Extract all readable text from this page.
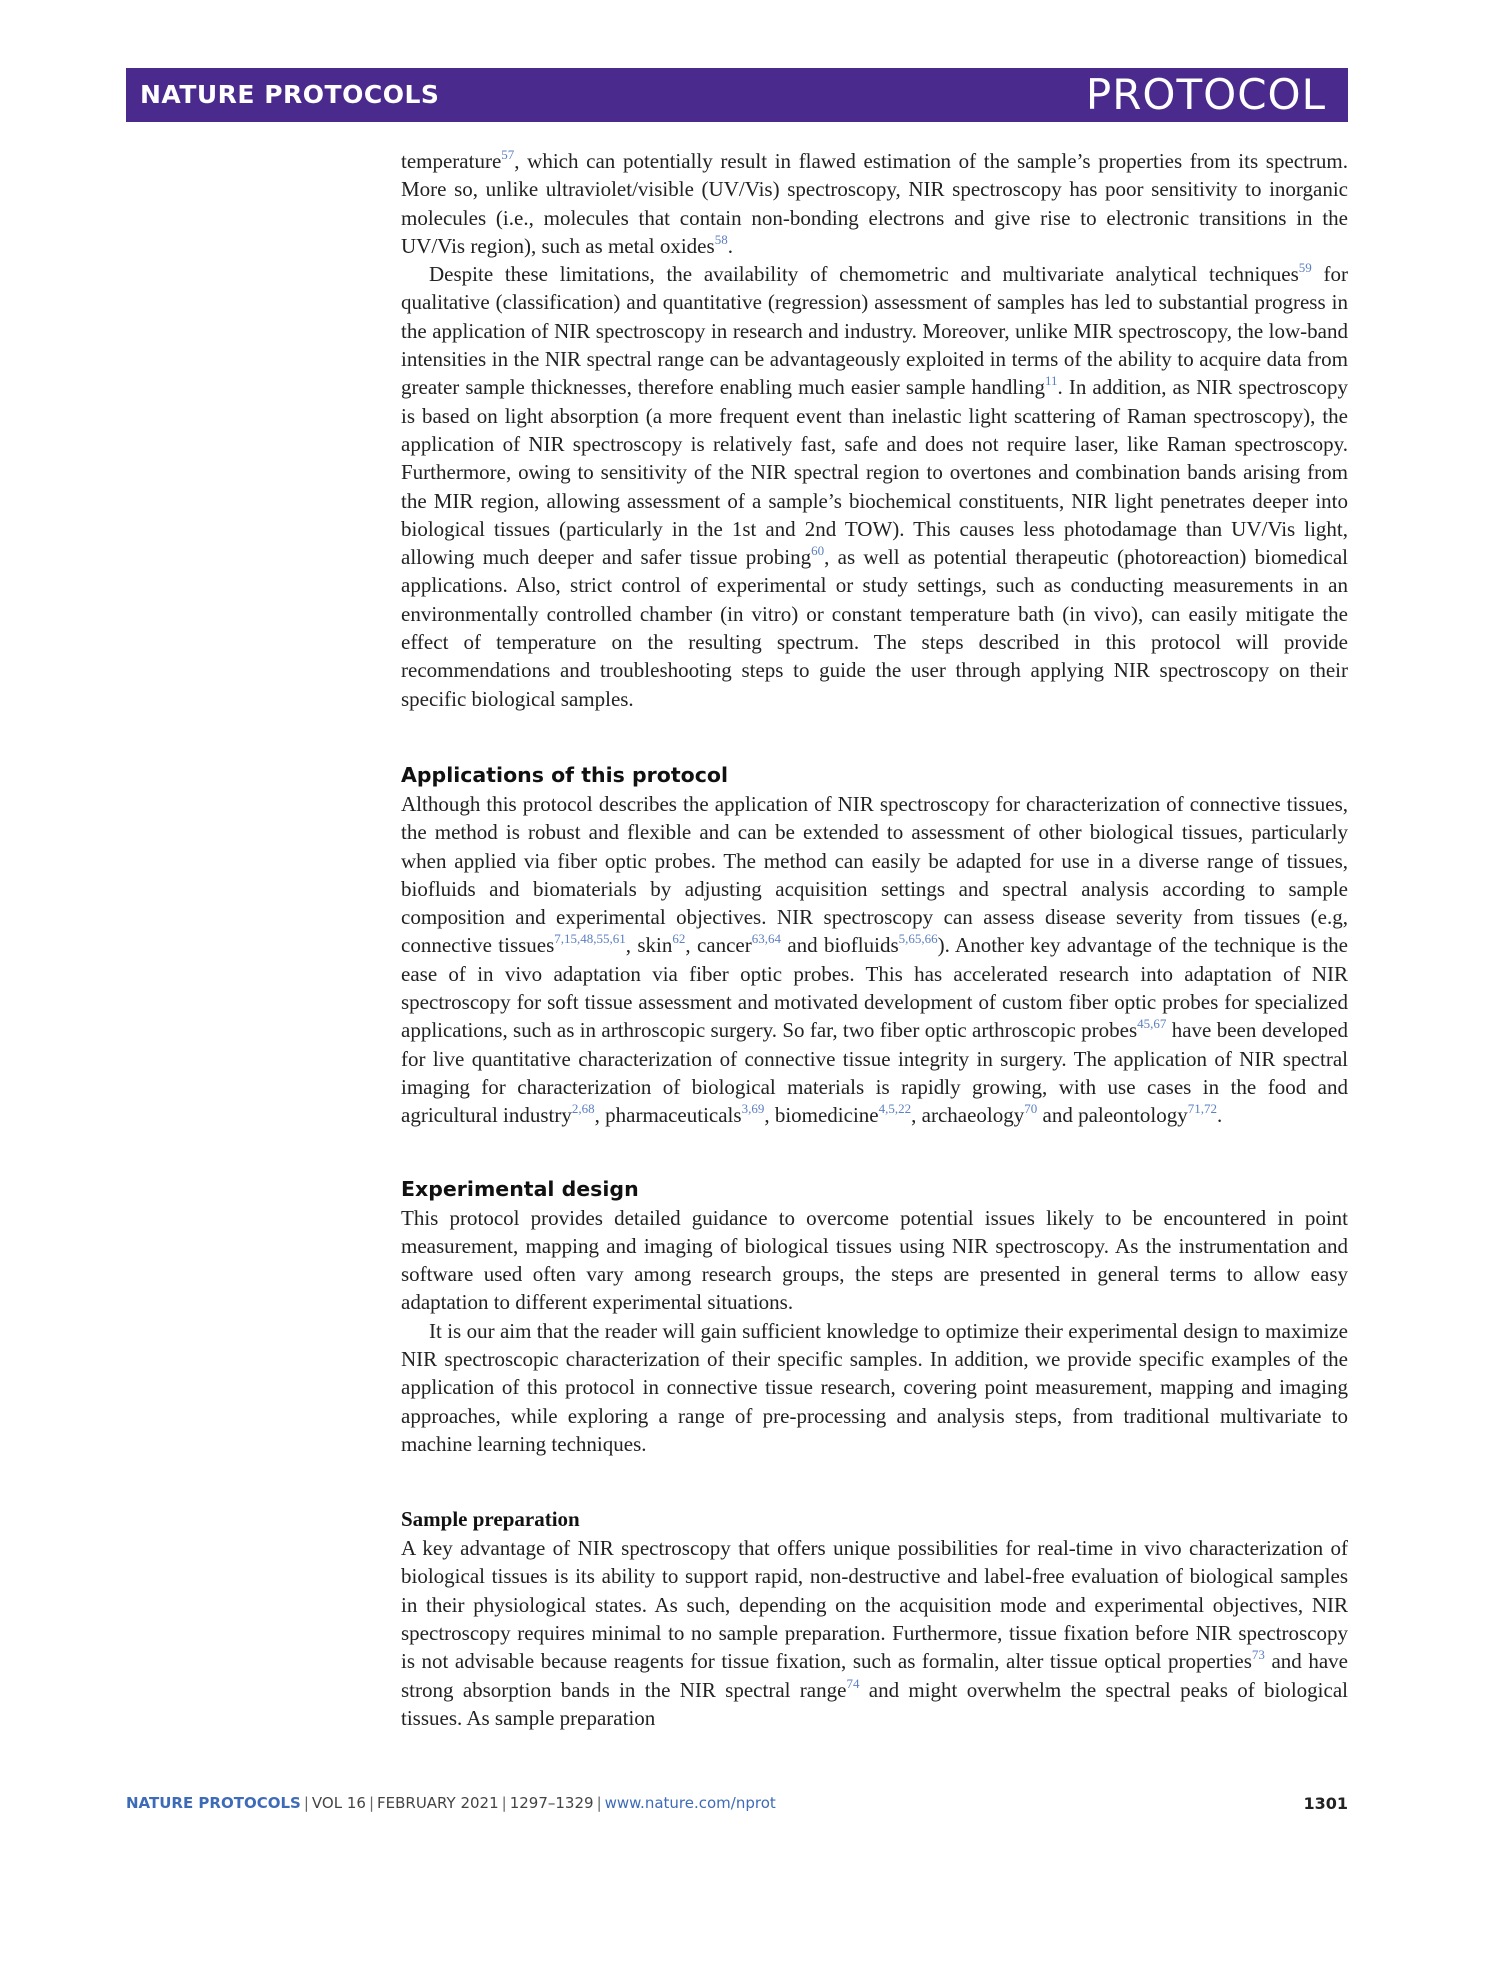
NATURE PROTOCOLS	PROTOCOL

temperature$^{57}$, which can potentially result in flawed estimation of the sample’s properties from its spectrum. More so, unlike ultraviolet/visible (UV/Vis) spectroscopy, NIR spectroscopy has poor sensitivity to inorganic molecules (i.e., molecules that contain non-bonding electrons and give rise to electronic transitions in the UV/Vis region), such as metal oxides$^{58}$.

Despite these limitations, the availability of chemometric and multivariate analytical techniques$^{59}$ for qualitative (classification) and quantitative (regression) assessment of samples has led to substantial progress in the application of NIR spectroscopy in research and industry. Moreover, unlike MIR spectroscopy, the low-band intensities in the NIR spectral range can be advantageously exploited in terms of the ability to acquire data from greater sample thicknesses, therefore enabling much easier sample handling$^{11}$. In addition, as NIR spectroscopy is based on light absorption (a more frequent event than inelastic light scattering of Raman spectroscopy), the application of NIR spectroscopy is relatively fast, safe and does not require laser, like Raman spectroscopy. Furthermore, owing to sensitivity of the NIR spectral region to overtones and combination bands arising from the MIR region, allowing assessment of a sample’s biochemical constituents, NIR light penetrates deeper into biological tissues (particularly in the 1st and 2nd TOW). This causes less photodamage than UV/Vis light, allowing much deeper and safer tissue probing$^{60}$, as well as potential therapeutic (photoreaction) biomedical applications. Also, strict control of experimental or study settings, such as conducting measurements in an environmentally controlled chamber (in vitro) or constant temperature bath (in vivo), can easily mitigate the effect of temperature on the resulting spectrum. The steps described in this protocol will provide recommendations and troubleshooting steps to guide the user through applying NIR spectroscopy on their specific biological samples.

Applications of this protocol

Although this protocol describes the application of NIR spectroscopy for characterization of connective tissues, the method is robust and flexible and can be extended to assessment of other biological tissues, particularly when applied via fiber optic probes. The method can easily be adapted for use in a diverse range of tissues, biofluids and biomaterials by adjusting acquisition settings and spectral analysis according to sample composition and experimental objectives. NIR spectroscopy can assess disease severity from tissues (e.g, connective tissues$^{7,15,48,55,61}$, skin$^{62}$, cancer$^{63,64}$ and biofluids$^{5,65,66}$). Another key advantage of the technique is the ease of in vivo adaptation via fiber optic probes. This has accelerated research into adaptation of NIR spectroscopy for soft tissue assessment and motivated development of custom fiber optic probes for specialized applications, such as in arthroscopic surgery. So far, two fiber optic arthroscopic probes$^{45,67}$ have been developed for live quantitative characterization of connective tissue integrity in surgery. The application of NIR spectral imaging for characterization of biological materials is rapidly growing, with use cases in the food and agricultural industry$^{2,68}$, pharmaceuticals$^{3,69}$, biomedicine$^{4,5,22}$, archaeology$^{70}$ and paleontology$^{71,72}$.

Experimental design

This protocol provides detailed guidance to overcome potential issues likely to be encountered in point measurement, mapping and imaging of biological tissues using NIR spectroscopy. As the instrumentation and software used often vary among research groups, the steps are presented in general terms to allow easy adaptation to different experimental situations.

It is our aim that the reader will gain sufficient knowledge to optimize their experimental design to maximize NIR spectroscopic characterization of their specific samples. In addition, we provide specific examples of the application of this protocol in connective tissue research, covering point measurement, mapping and imaging approaches, while exploring a range of pre-processing and analysis steps, from traditional multivariate to machine learning techniques.

Sample preparation

A key advantage of NIR spectroscopy that offers unique possibilities for real-time in vivo characterization of biological tissues is its ability to support rapid, non-destructive and label-free evaluation of biological samples in their physiological states. As such, depending on the acquisition mode and experimental objectives, NIR spectroscopy requires minimal to no sample preparation. Furthermore, tissue fixation before NIR spectroscopy is not advisable because reagents for tissue fixation, such as formalin, alter tissue optical properties$^{73}$ and have strong absorption bands in the NIR spectral range$^{74}$ and might overwhelm the spectral peaks of biological tissues. As sample preparation

NATURE PROTOCOLS | VOL 16 | FEBRUARY 2021 | 1297–1329 | www.nature.com/nprot	1301
